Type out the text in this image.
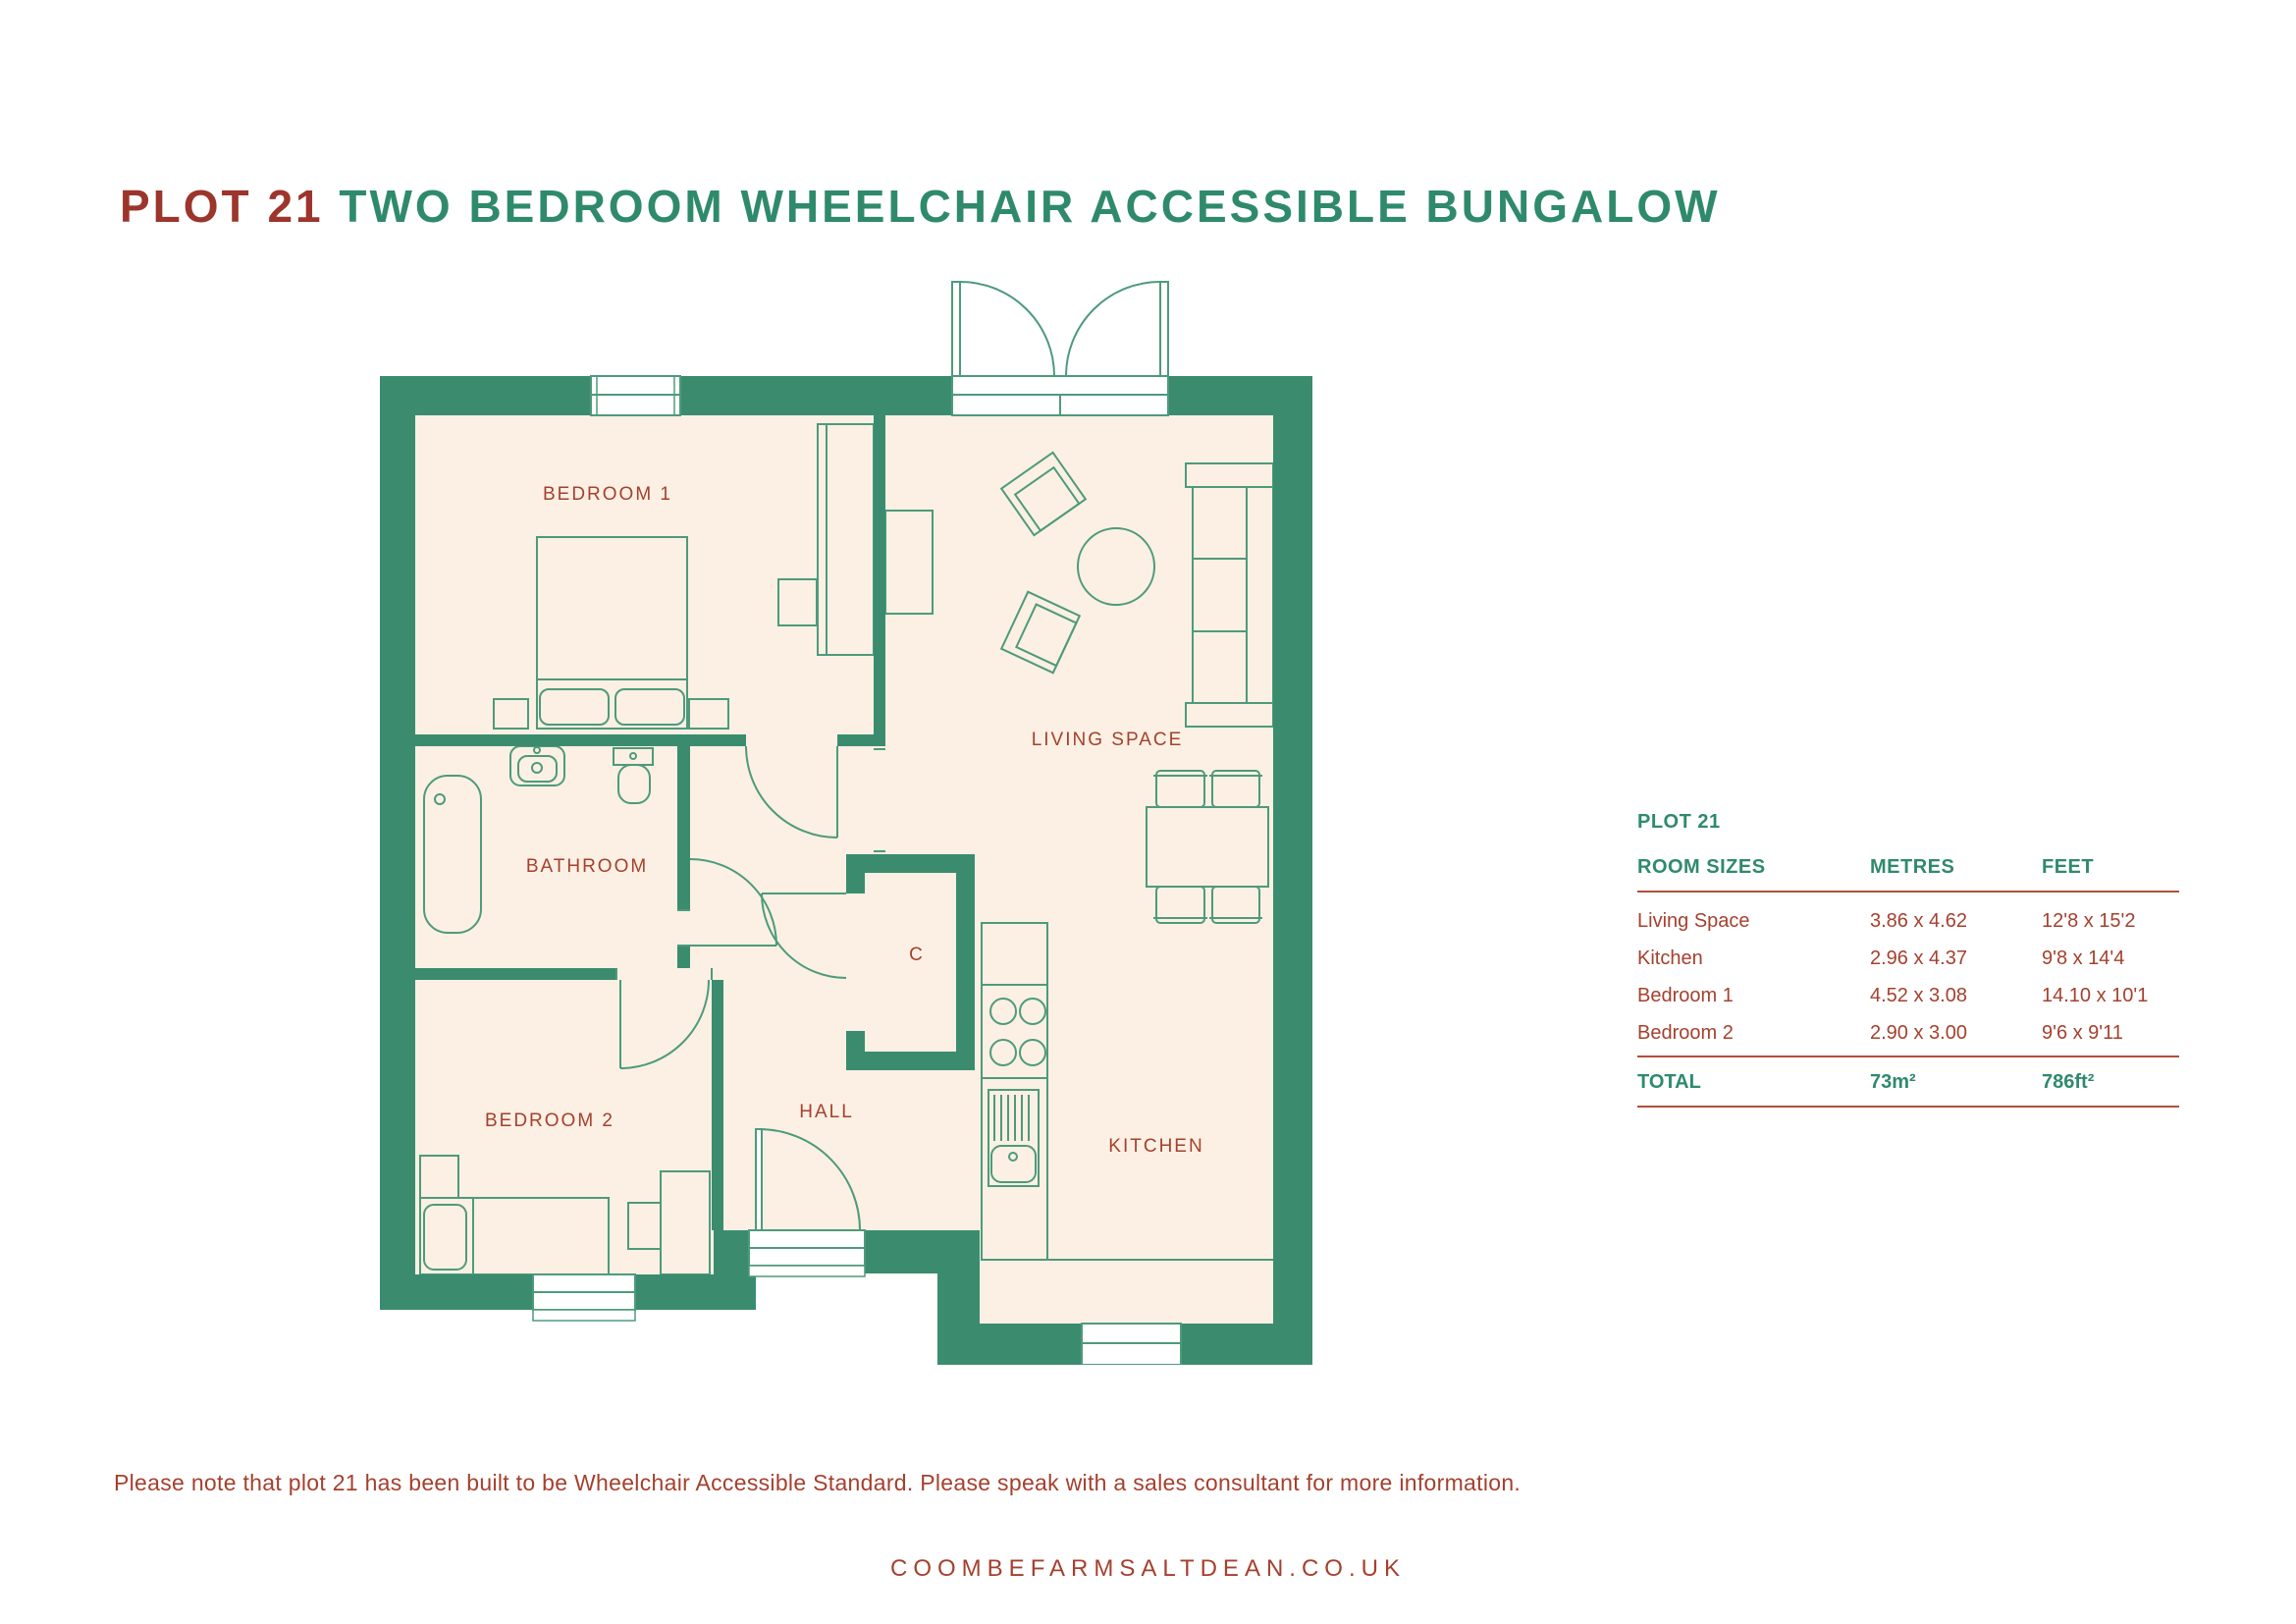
PLOT 21 TWO BEDROOM WHEELCHAIR ACCESSIBLE BUNGALOW
BEDROOM 1
LIVING SPACE
BATHROOM
BEDROOM 2	HALL
C
KITCHEN
PLOT 21
ROOM SIZES	METRES	FEET
Living Space	3.86 x 4.62	12'8 x 15'2
Kitchen	2.96 x 4.37	9'8 x 14'4
Bedroom 1	4.52 x 3.08	14.10 x 10'1
Bedroom 2	2.90 x 3.00	9'6 x 9'11
TOTAL	73m²	786ft²
Please note that plot 21 has been built to be Wheelchair Accessible Standard. Please speak with a sales consultant for more information.
COOMBEFARMSALTDEAN.CO.UK
